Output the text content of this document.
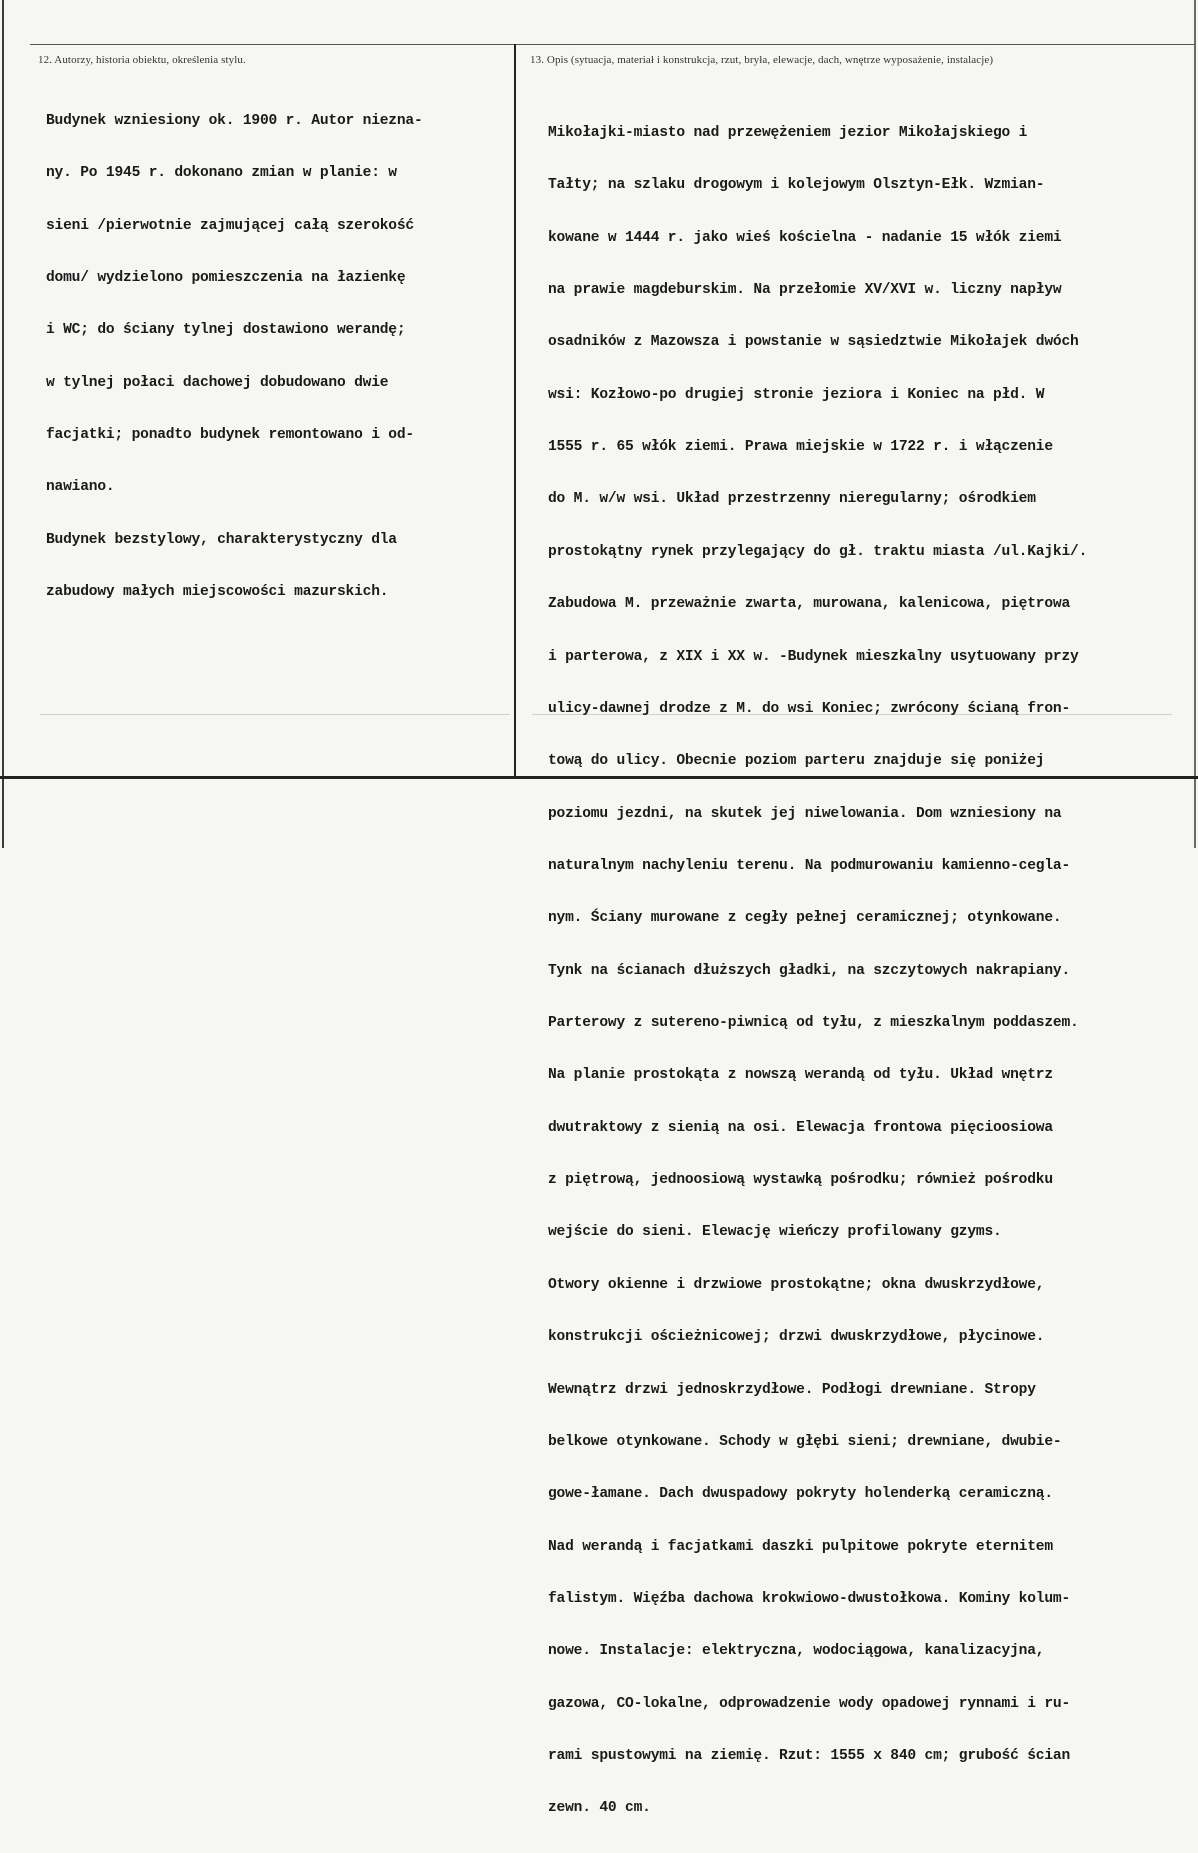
12. Autorzy, historia obiektu, określenia stylu.	13. Opis (sytuacja, materiał i konstrukcja, rzut, bryła, elewacje, dach, wnętrze wyposażenie, instalacje)

Budynek wzniesiony ok. 1900 r. Autor niezna-

ny. Po 1945 r. dokonano zmian w planie: w

sieni /pierwotnie zajmującej całą szerokość

domu/ wydzielono pomieszczenia na łazienkę

i WC; do ściany tylnej dostawiono werandę;

w tylnej połaci dachowej dobudowano dwie

facjatki; ponadto budynek remontowano i od-

nawiano.

Budynek bezstylowy, charakterystyczny dla

zabudowy małych miejscowości mazurskich.

Mikołajki-miasto nad przewężeniem jezior Mikołajskiego i

Tałty; na szlaku drogowym i kolejowym Olsztyn-Ełk. Wzmian-

kowane w 1444 r. jako wieś kościelna - nadanie 15 włók ziemi

na prawie magdeburskim. Na przełomie XV/XVI w. liczny napływ

osadników z Mazowsza i powstanie w sąsiedztwie Mikołajek dwóch

wsi: Kozłowo-po drugiej stronie jeziora i Koniec na płd. W

1555 r. 65 włók ziemi. Prawa miejskie w 1722 r. i włączenie

do M. w/w wsi. Układ przestrzenny nieregularny; ośrodkiem

prostokątny rynek przylegający do gł. traktu miasta /ul.Kajki/.

Zabudowa M. przeważnie zwarta, murowana, kalenicowa, piętrowa

i parterowa, z XIX i XX w. -Budynek mieszkalny usytuowany przy

ulicy-dawnej drodze z M. do wsi Koniec; zwrócony ścianą fron-

tową do ulicy. Obecnie poziom parteru znajduje się poniżej

poziomu jezdni, na skutek jej niwelowania. Dom wzniesiony na

naturalnym nachyleniu terenu. Na podmurowaniu kamienno-cegla-

nym. Ściany murowane z cegły pełnej ceramicznej; otynkowane.

Tynk na ścianach dłuższych gładki, na szczytowych nakrapiany.

Parterowy z sutereno-piwnicą od tyłu, z mieszkalnym poddaszem.

Na planie prostokąta z nowszą werandą od tyłu. Układ wnętrz

dwutraktowy z sienią na osi. Elewacja frontowa pięcioosiowa

z piętrową, jednoosiową wystawką pośrodku; również pośrodku

wejście do sieni. Elewację wieńczy profilowany gzyms.

Otwory okienne i drzwiowe prostokątne; okna dwuskrzydłowe,

konstrukcji ościeżnicowej; drzwi dwuskrzydłowe, płycinowe.

Wewnątrz drzwi jednoskrzydłowe. Podłogi drewniane. Stropy

belkowe otynkowane. Schody w głębi sieni; drewniane, dwubie-

gowe-łamane. Dach dwuspadowy pokryty holenderką ceramiczną.

Nad werandą i facjatkami daszki pulpitowe pokryte eternitem

falistym. Więźba dachowa krokwiowo-dwustołkowa. Kominy kolum-

nowe. Instalacje: elektryczna, wodociągowa, kanalizacyjna,

gazowa, CO-lokalne, odprowadzenie wody opadowej rynnami i ru-

rami spustowymi na ziemię. Rzut: 1555 x 840 cm; grubość ścian

zewn. 40 cm.
